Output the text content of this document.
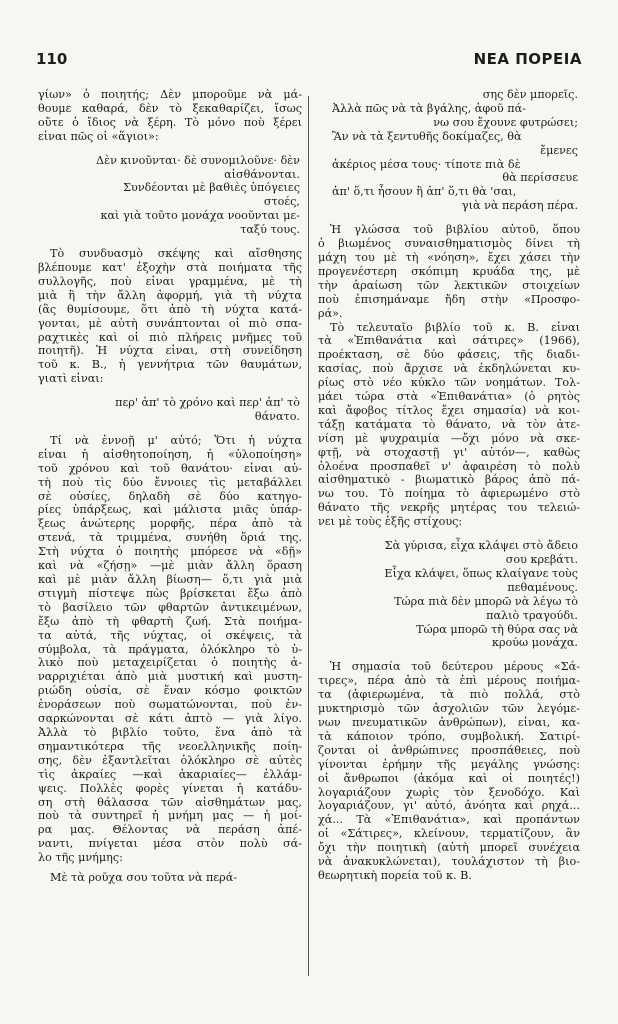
110	ΝΕΑ ΠΟΡΕΙΑ
γίων» ὁ ποιητής; Δὲν μποροῦμε νὰ μά-
θουμε καθαρά, δὲν τὸ ξεκαθαρίζει, ἴσως
οὔτε ὁ ἴδιος νὰ ξέρη. Τὸ μόνο ποὺ ξέρει
εἶναι πῶς οἱ «ἅγιοι»:
Δὲν κινοῦνται· δὲ συνομιλοῦνε· δὲν
αἰσθάνονται.
Συνδέονται μὲ βαθιὲς ὑπόγειες
στοές,
καὶ γιὰ τοῦτο μονάχα νοοῦνται με-
ταξύ τους.
Τὸ συνδυασμὸ σκέψης καὶ αἴσθησης
βλέπουμε κατ' ἐξοχὴν στὰ ποιήματα τῆς
συλλογῆς, ποὺ εἶναι γραμμένα, μὲ τὴ
μιὰ ἢ τὴν ἄλλη ἀφορμή, γιὰ τὴ νύχτα
(ἂς θυμίσουμε, ὅτι ἀπὸ τὴ νύχτα κατά-
γονται, μὲ αὐτὴ συνάπτονται οἱ πιὸ σπα-
ραχτικὲς καὶ οἱ πιὸ πλήρεις μνῆμες τοῦ
ποιητῆ). Ἡ νύχτα εἶναι, στὴ συνείδηση
τοῦ κ. Β., ἡ γεννήτρια τῶν θαυμάτων,
γιατὶ εἶναι:
περ' ἀπ' τὸ χρόνο καὶ περ' ἀπ' τὸ
θάνατο.
Τί νὰ ἐννοῇ μ' αὐτό; Ὅτι ἡ νύχτα
εἶναι ἡ αἰσθητοποίηση, ἡ «ὑλοποίηση»
τοῦ χρόνου καὶ τοῦ θανάτου· εἶναι αὐ-
τὴ ποὺ τὶς δύο ἔννοιες τὶς μεταβάλλει
σὲ οὐσίες, δηλαδὴ σὲ δύο κατηγο-
ρίες ὑπάρξεως, καὶ μάλιστα μιᾶς ὑπάρ-
ξεως ἀνώτερης μορφῆς, πέρα ἀπὸ τὰ
στενά, τὰ τριμμένα, συνήθη ὅριά της.
Στὴ νύχτα ὁ ποιητὴς μπόρεσε νὰ «δῇ»
καὶ νὰ «ζήσῃ» —μὲ μιὰν ἄλλη ὅραση
καὶ μὲ μιὰν ἄλλη βίωση— ὅ,τι γιὰ μιὰ
στιγμὴ πίστεψε πὼς βρίσκεται ἔξω ἀπὸ
τὸ βασίλειο τῶν φθαρτῶν ἀντικειμένων,
ἔξω ἀπὸ τὴ φθαρτὴ ζωή. Στὰ ποιήμα-
τα αὐτά, τῆς νύχτας, οἱ σκέψεις, τὰ
σύμβολα, τὰ πράγματα, ὁλόκληρο τὸ ὑ-
λικὸ ποὺ μεταχειρίζεται ὁ ποιητὴς ἀ-
ναρριχιέται ἀπὸ μιὰ μυστική καὶ μυστη-
ριώδη οὐσία, σὲ ἕναν κόσμο φοικτῶν
ἐνοράσεων ποὺ σωματώνονται, ποὺ ἐν-
σαρκώνονται σὲ κάτι ἀπτὸ — γιὰ λίγο.
Ἀλλὰ τὸ βιβλίο τοῦτο, ἕνα ἀπὸ τὰ
σημαντικότερα τῆς νεοελληνικῆς ποίη-
σης, δὲν ἐξαντλεῖται ὁλόκληρο σὲ αὐτὲς
τὶς ἀκραίες —καὶ ἀκαριαίες— ἐλλάμ-
ψεις. Πολλὲς φορὲς γίνεται ἡ κατάδυ-
ση στὴ θάλασσα τῶν αἰσθημάτων μας,
ποὺ τὰ συντηρεῖ ἡ μνήμη μας — ἡ μοί-
ρα μας. Θέλοντας νὰ περάση ἀπέ-
ναντι, πνίγεται μέσα στὸν πολὺ σά-
λο τῆς μνήμης:
Μὲ τὰ ροῦχα σου τοῦτα νὰ περά-
σης δὲν μπορεῖς.
Ἀλλὰ πῶς νὰ τὰ βγάλης, ἀφοῦ πά-
νω σου ἔχουνε φυτρώσει;
Ἂν νὰ τὰ ξεντυθῆς δοκίμαζες, θὰ
ἔμενες
ἀκέριος μέσα τους· τίποτε πιὰ δὲ
θὰ περίσσευε
ἀπ' ὅ,τι ἦσουν ἢ ἀπ' ὅ,τι θὰ 'σαι,
γιὰ νὰ περάση πέρα.
Ἡ γλώσσα τοῦ βιβλίου αὐτοῦ, ὅπου
ὁ βιωμένος συναισθηματισμὸς δίνει τὴ
μάχη του μὲ τὴ «νόηση», ἔχει χάσει τὴν
προγενέστερη σκόπιμη κρυάδα της, μὲ
τὴν ἀραίωση τῶν λεκτικῶν στοιχείων
ποὺ ἐπισημάναμε ἤδη στὴν «Προσφο-
ρά».
Τὸ τελευταῖο βιβλίο τοῦ κ. Β. εἶναι
τὰ «Ἐπιθανάτια καὶ σάτιρες» (1966),
προέκταση, σὲ δύο φάσεις, τῆς διαδι-
κασίας, ποὺ ἄρχισε νὰ ἐκδηλώνεται κυ-
ρίως στὸ νέο κύκλο τῶν νοημάτων. Τολ-
μάει τώρα στὰ «Ἐπιθανάτια» (ὁ ρητὸς
καὶ ἄφοβος τίτλος ἔχει σημασία) νὰ κοι-
τάξῃ κατάματα τὸ θάνατο, νὰ τὸν ἀτε-
νίση μὲ ψυχραιμία —ὄχι μόνο νὰ σκε-
φτῇ, νὰ στοχαστῇ γι' αὐτόν—, καθὼς
ὁλοένα προσπαθεῖ ν' ἀφαιρέση τὸ πολὺ
αἰσθηματικὸ - βιωματικὸ βάρος ἀπὸ πά-
νω του. Τὸ ποίημα τὸ ἀφιερωμένο στὸ
θάνατο τῆς νεκρῆς μητέρας του τελειώ-
νει μὲ τοὺς ἑξῆς στίχους:
Σὰ γύρισα, εἶχα κλάψει στὸ ἄδειο
σου κρεβάτι.
Εἶχα κλάψει, ὅπως κλαίγανε τοὺς
πεθαμένους.
Τώρα πιὰ δὲν μπορῶ νὰ λέγω τὸ
παλιὸ τραγούδι.
Τώρα μπορῶ τὴ θύρα σας νὰ
κρούω μονάχα.
Ἡ σημασία τοῦ δεύτερου μέρους «Σά-
τιρες», πέρα ἀπὸ τὰ ἐπὶ μέρους ποιήμα-
τα (ἀφιερωμένα, τὰ πιὸ πολλά, στὸ
μυκτηρισμὸ τῶν ἀσχολιῶν τῶν λεγόμε-
νων πνευματικῶν ἀνθρώπων), εἶναι, κα-
τὰ κάποιον τρόπο, συμβολική. Σατιρί-
ζονται οἱ ἀνθρώπινες προσπάθειες, ποὺ
γίνονται ἐρήμην τῆς μεγάλης γνώσης:
οἱ ἄνθρωποι (ἀκόμα καὶ οἱ ποιητές!)
λογαριάζουν χωρὶς τὸν ξενοδόχο. Καὶ
λογαριάζουν, γι' αὐτό, ἀνόητα καὶ ρηχά...
χά... Τὰ «Ἐπιθανάτια», καὶ προπάντων
οἱ «Σάτιρες», κλείνουν, τερματίζουν, ἂν
ὄχι τὴν ποιητικὴ (αὐτὴ μπορεῖ συνέχεια
νὰ ἀνακυκλώνεται), τουλάχιστον τὴ βιο-
θεωρητικὴ πορεία τοῦ κ. Β.
